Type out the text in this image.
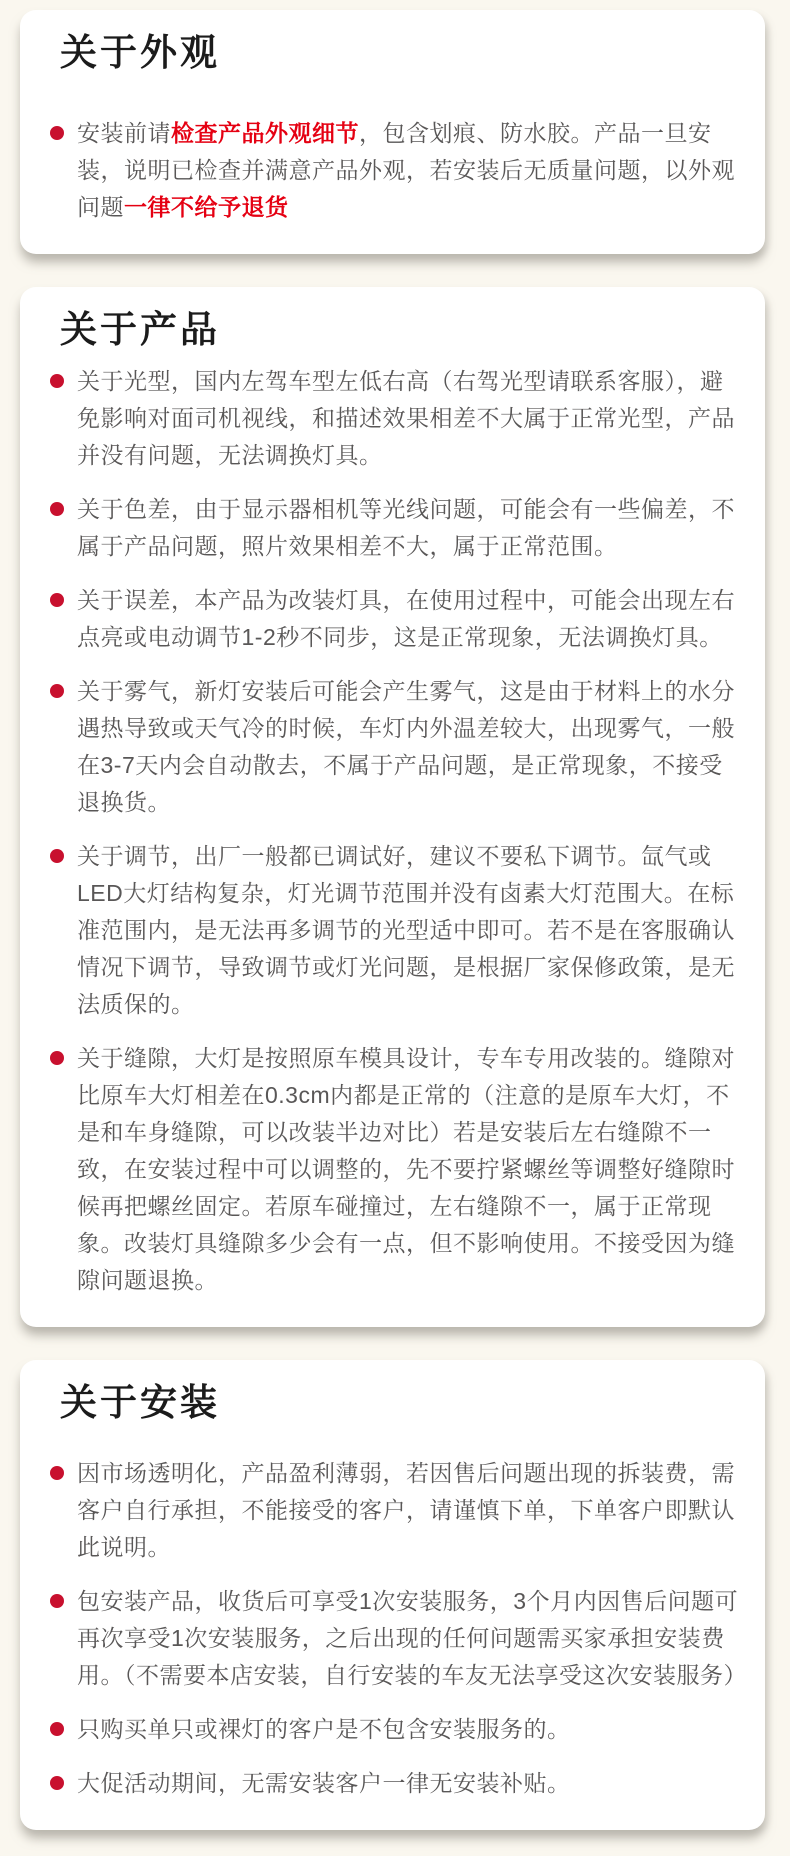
关于外观

安装前请检查产品外观细节，包含划痕、防水胶。产品一旦安装，说明已检查并满意产品外观，若安装后无质量问题，以外观问题一律不给予退货

关于产品

关于光型，国内左驾车型左低右高（右驾光型请联系客服），避免影响对面司机视线，和描述效果相差不大属于正常光型，产品并没有问题，无法调换灯具。

关于色差，由于显示器相机等光线问题，可能会有一些偏差，不属于产品问题，照片效果相差不大，属于正常范围。

关于误差，本产品为改装灯具，在使用过程中，可能会出现左右点亮或电动调节1-2秒不同步，这是正常现象，无法调换灯具。

关于雾气，新灯安装后可能会产生雾气，这是由于材料上的水分遇热导致或天气冷的时候，车灯内外温差较大，出现雾气，一般在3-7天内会自动散去，不属于产品问题，是正常现象，不接受退换货。

关于调节，出厂一般都已调试好，建议不要私下调节。氙气或LED大灯结构复杂，灯光调节范围并没有卤素大灯范围大。在标准范围内，是无法再多调节的光型适中即可。若不是在客服确认情况下调节，导致调节或灯光问题，是根据厂家保修政策，是无法质保的。

关于缝隙，大灯是按照原车模具设计，专车专用改装的。缝隙对比原车大灯相差在0.3cm内都是正常的（注意的是原车大灯，不是和车身缝隙，可以改装半边对比）若是安装后左右缝隙不一致，在安装过程中可以调整的，先不要拧紧螺丝等调整好缝隙时候再把螺丝固定。若原车碰撞过，左右缝隙不一，属于正常现象。改装灯具缝隙多少会有一点，但不影响使用。不接受因为缝隙问题退换。

关于安装

因市场透明化，产品盈利薄弱，若因售后问题出现的拆装费，需客户自行承担，不能接受的客户，请谨慎下单，下单客户即默认此说明。

包安装产品，收货后可享受1次安装服务，3个月内因售后问题可再次享受1次安装服务，之后出现的任何问题需买家承担安装费用。（不需要本店安装，自行安装的车友无法享受这次安装服务）

只购买单只或裸灯的客户是不包含安装服务的。

大促活动期间，无需安装客户一律无安装补贴。
